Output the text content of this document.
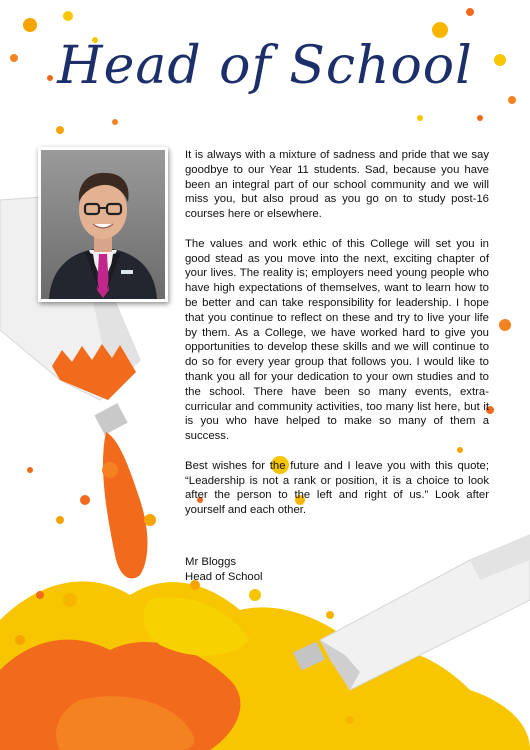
Head of School

It is always with a mixture of sadness and pride that we say goodbye to our Year 11 students. Sad, because you have been an integral part of our school community and we will miss you, but also proud as you go on to study post-16 courses here or elsewhere.

The values and work ethic of this College will set you in good stead as you move into the next, exciting chapter of your lives. The reality is; employers need young people who have high expectations of themselves, want to learn how to be better and can take responsibility for leadership. I hope that you continue to reflect on these and try to live your life by them. As a College, we have worked hard to give you opportunities to develop these skills and we will continue to do so for every year group that follows you. I would like to thank you all for your dedication to your own studies and to the school. There have been so many events, extra-curricular and community activities, too many list here, but it is you who have helped to make so many of them a success.

Best wishes for the future and I leave you with this quote; “Leadership is not a rank or position, it is a choice to look after the person to the left and right of us.” Look after yourself and each other.

Mr Bloggs
Head of School
